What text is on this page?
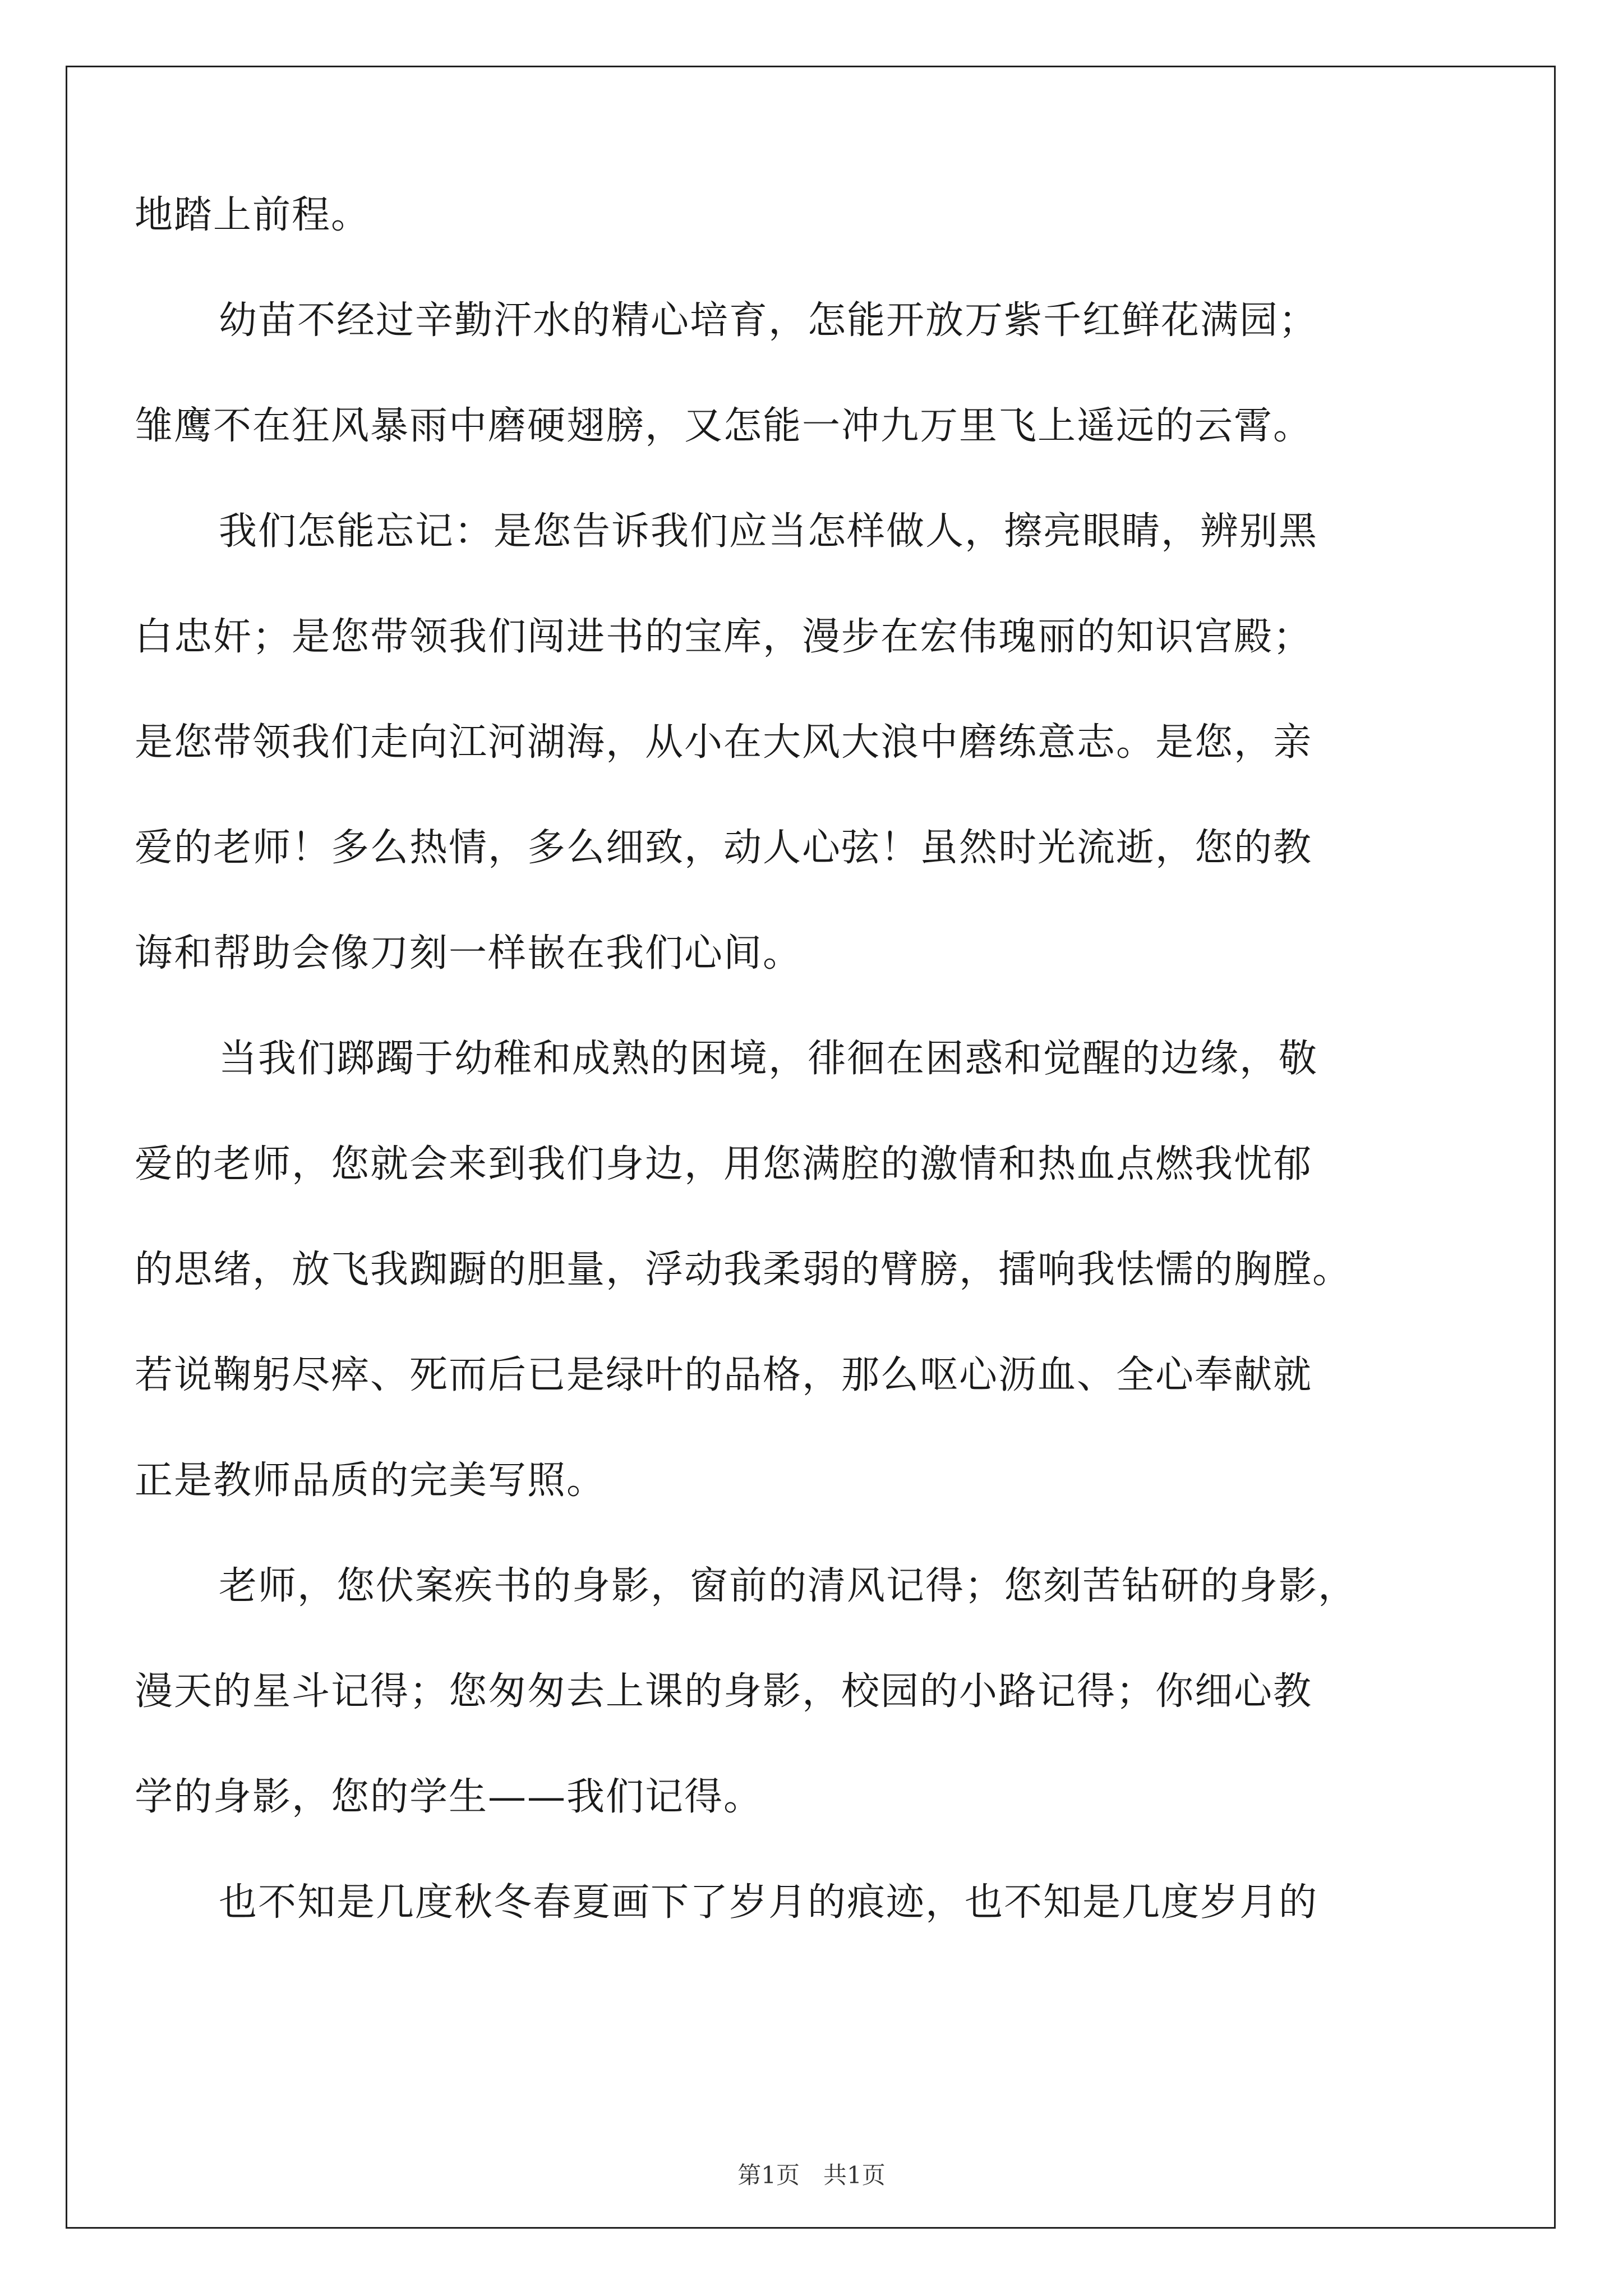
地踏上前程。
幼苗不经过辛勤汗水的精心培育，怎能开放万紫千红鲜花满园；
雏鹰不在狂风暴雨中磨硬翅膀，又怎能一冲九万里飞上遥远的云霄。
我们怎能忘记：是您告诉我们应当怎样做人，擦亮眼睛，辨别黑
白忠奸；是您带领我们闯进书的宝库，漫步在宏伟瑰丽的知识宫殿；
是您带领我们走向江河湖海，从小在大风大浪中磨练意志。是您，亲
爱的老师！多么热情，多么细致，动人心弦！虽然时光流逝，您的教
诲和帮助会像刀刻一样嵌在我们心间。
当我们踯躅于幼稚和成熟的困境，徘徊在困惑和觉醒的边缘，敬
爱的老师，您就会来到我们身边，用您满腔的激情和热血点燃我忧郁
的思绪，放飞我踟蹰的胆量，浮动我柔弱的臂膀，擂响我怯懦的胸膛。
若说鞠躬尽瘁、死而后已是绿叶的品格，那么呕心沥血、全心奉献就
正是教师品质的完美写照。
老师，您伏案疾书的身影，窗前的清风记得；您刻苦钻研的身影，
漫天的星斗记得；您匆匆去上课的身影，校园的小路记得；你细心教
学的身影，您的学生——我们记得。
也不知是几度秋冬春夏画下了岁月的痕迹，也不知是几度岁月的
第1页　共1页
